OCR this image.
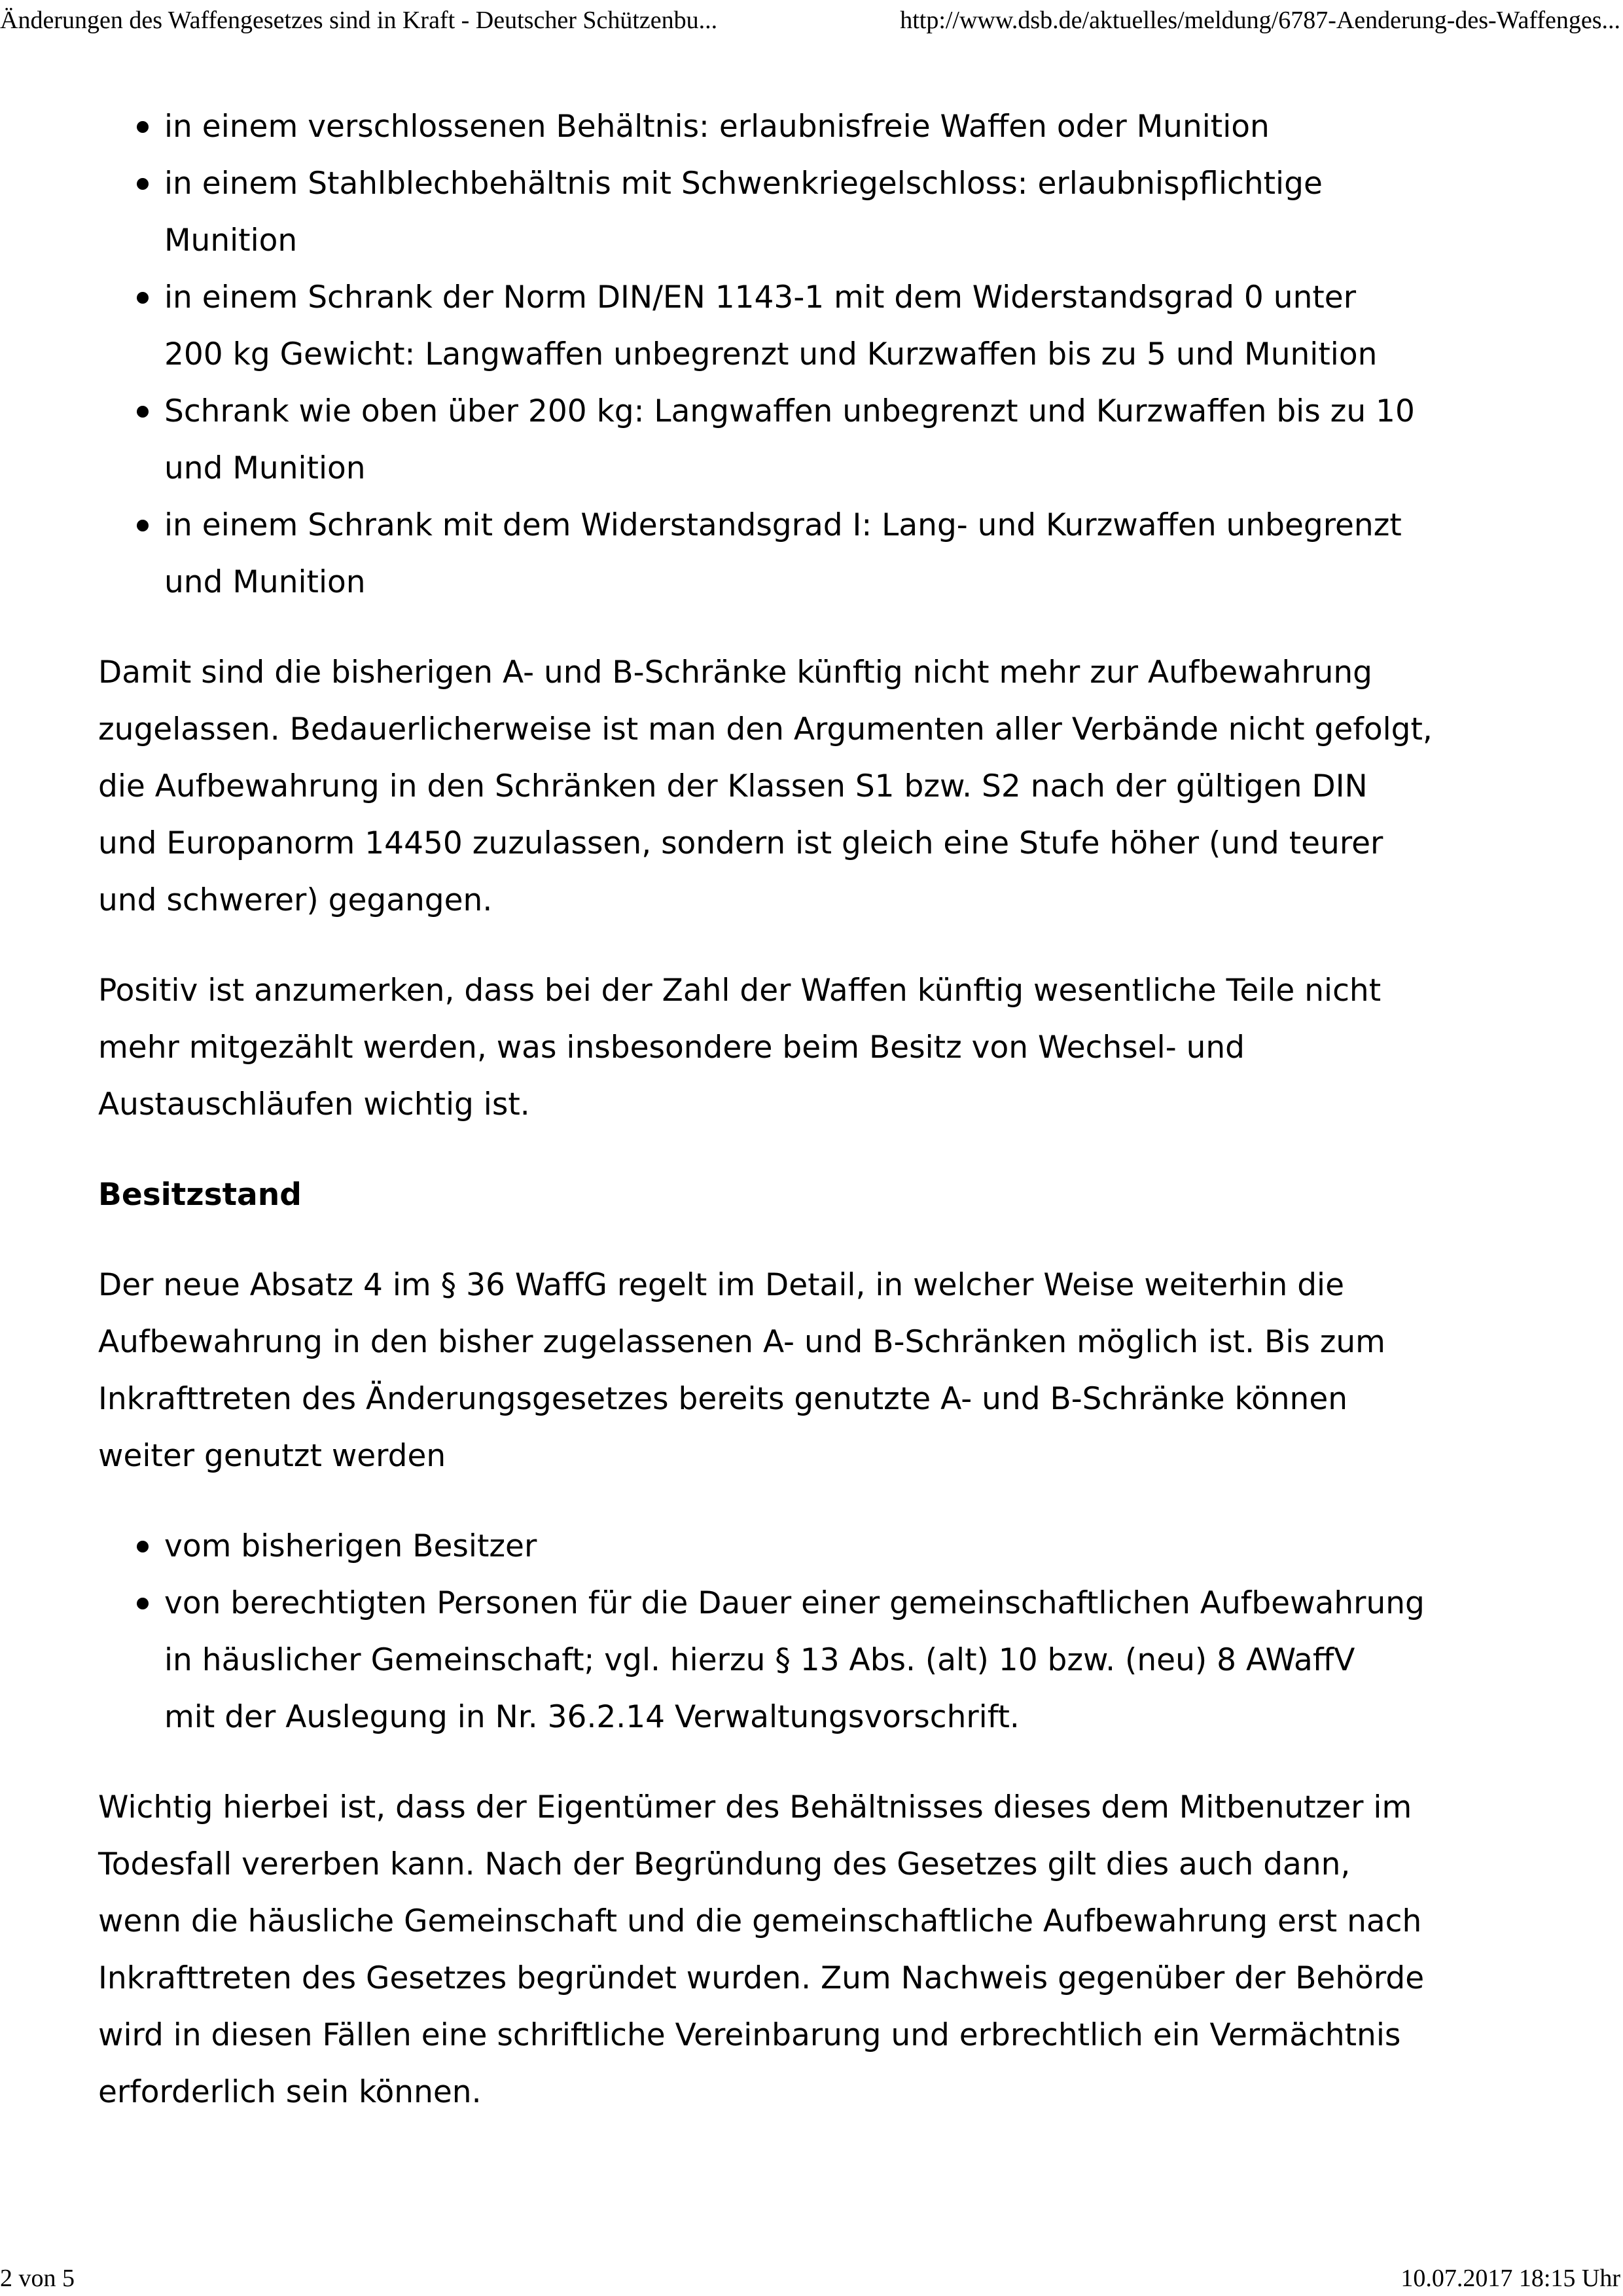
Änderungen des Waffengesetzes sind in Kraft - Deutscher Schützenbu...	http://www.dsb.de/aktuelles/meldung/6787-Aenderung-des-Waffenges...
in einem verschlossenen Behältnis: erlaubnisfreie Waffen oder Munition
in einem Stahlblechbehältnis mit Schwenkriegelschloss: erlaubnispflichtige
Munition
in einem Schrank der Norm DIN/EN 1143-1 mit dem Widerstandsgrad 0 unter
200 kg Gewicht: Langwaffen unbegrenzt und Kurzwaffen bis zu 5 und Munition
Schrank wie oben über 200 kg: Langwaffen unbegrenzt und Kurzwaffen bis zu 10
und Munition
in einem Schrank mit dem Widerstandsgrad I: Lang- und Kurzwaffen unbegrenzt
und Munition

Damit sind die bisherigen A- und B-Schränke künftig nicht mehr zur Aufbewahrung
zugelassen. Bedauerlicherweise ist man den Argumenten aller Verbände nicht gefolgt,
die Aufbewahrung in den Schränken der Klassen S1 bzw. S2 nach der gültigen DIN
und Europanorm 14450 zuzulassen, sondern ist gleich eine Stufe höher (und teurer
und schwerer) gegangen.

Positiv ist anzumerken, dass bei der Zahl der Waffen künftig wesentliche Teile nicht
mehr mitgezählt werden, was insbesondere beim Besitz von Wechsel- und
Austauschläufen wichtig ist.

Besitzstand

Der neue Absatz 4 im § 36 WaffG regelt im Detail, in welcher Weise weiterhin die
Aufbewahrung in den bisher zugelassenen A- und B-Schränken möglich ist. Bis zum
Inkrafttreten des Änderungsgesetzes bereits genutzte A- und B-Schränke können
weiter genutzt werden

vom bisherigen Besitzer
von berechtigten Personen für die Dauer einer gemeinschaftlichen Aufbewahrung
in häuslicher Gemeinschaft; vgl. hierzu § 13 Abs. (alt) 10 bzw. (neu) 8 AWaffV
mit der Auslegung in Nr. 36.2.14 Verwaltungsvorschrift.

Wichtig hierbei ist, dass der Eigentümer des Behältnisses dieses dem Mitbenutzer im
Todesfall vererben kann. Nach der Begründung des Gesetzes gilt dies auch dann,
wenn die häusliche Gemeinschaft und die gemeinschaftliche Aufbewahrung erst nach
Inkrafttreten des Gesetzes begründet wurden. Zum Nachweis gegenüber der Behörde
wird in diesen Fällen eine schriftliche Vereinbarung und erbrechtlich ein Vermächtnis
erforderlich sein können.

2 von 5	10.07.2017 18:15 Uhr
